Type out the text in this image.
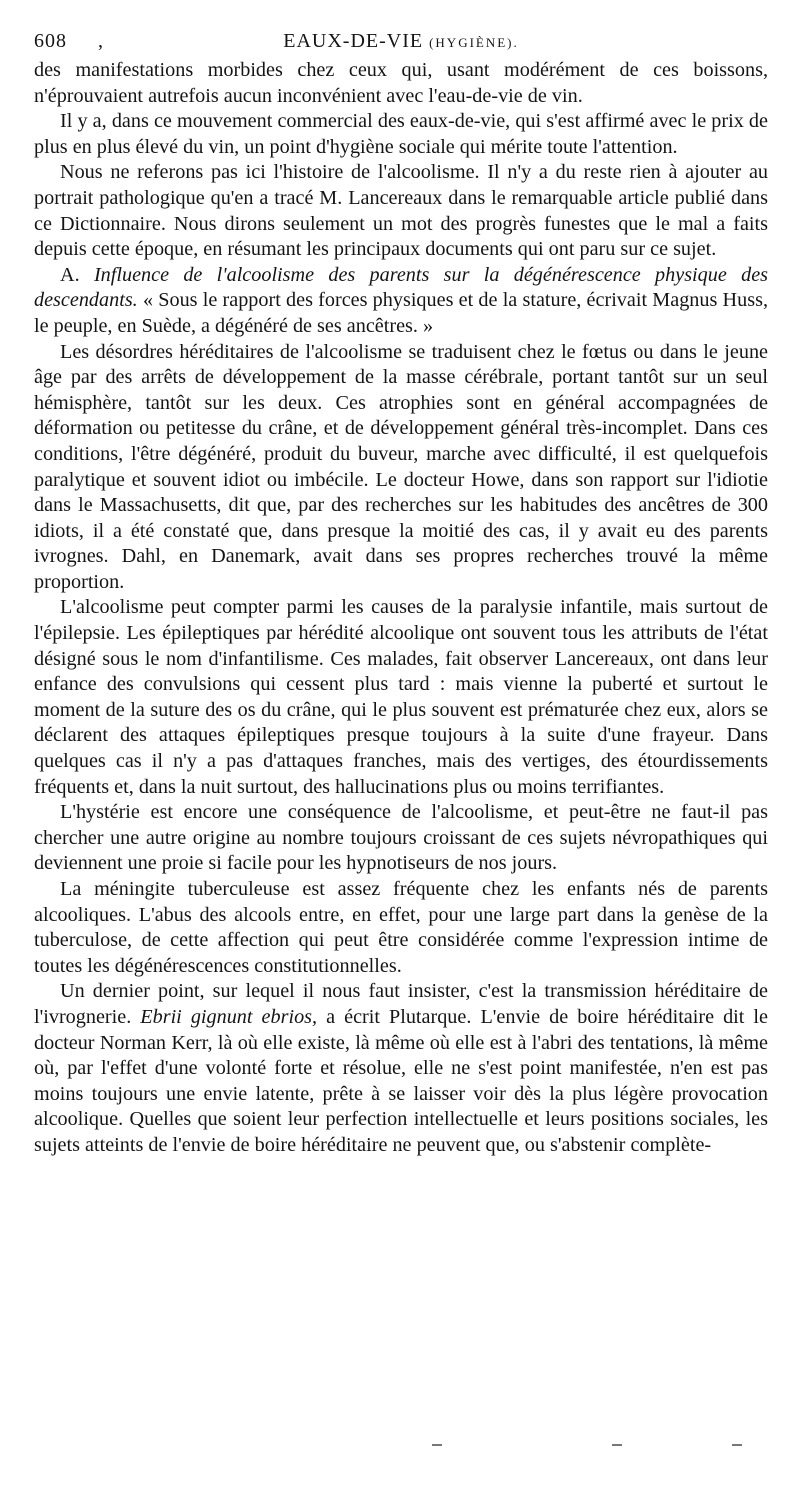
608 ,	EAUX-DE-VIE (HYGIÈNE).

des manifestations morbides chez ceux qui, usant modérément de ces boissons, n'éprouvaient autrefois aucun inconvénient avec l'eau-de-vie de vin.

Il y a, dans ce mouvement commercial des eaux-de-vie, qui s'est affirmé avec le prix de plus en plus élevé du vin, un point d'hygiène sociale qui mérite toute l'attention.

Nous ne referons pas ici l'histoire de l'alcoolisme. Il n'y a du reste rien à ajouter au portrait pathologique qu'en a tracé M. Lancereaux dans le remarquable article publié dans ce Dictionnaire. Nous dirons seulement un mot des progrès funestes que le mal a faits depuis cette époque, en résumant les principaux documents qui ont paru sur ce sujet.

A. Influence de l'alcoolisme des parents sur la dégénérescence physique des descendants. « Sous le rapport des forces physiques et de la stature, écrivait Magnus Huss, le peuple, en Suède, a dégénéré de ses ancêtres. »

Les désordres héréditaires de l'alcoolisme se traduisent chez le fœtus ou dans le jeune âge par des arrêts de développement de la masse cérébrale, portant tantôt sur un seul hémisphère, tantôt sur les deux. Ces atrophies sont en général accompagnées de déformation ou petitesse du crâne, et de développement général très-incomplet. Dans ces conditions, l'être dégénéré, produit du buveur, marche avec difficulté, il est quelquefois paralytique et souvent idiot ou imbécile. Le docteur Howe, dans son rapport sur l'idiotie dans le Massachusetts, dit que, par des recherches sur les habitudes des ancêtres de 300 idiots, il a été constaté que, dans presque la moitié des cas, il y avait eu des parents ivrognes. Dahl, en Danemark, avait dans ses propres recherches trouvé la même proportion.

L'alcoolisme peut compter parmi les causes de la paralysie infantile, mais surtout de l'épilepsie. Les épileptiques par hérédité alcoolique ont souvent tous les attributs de l'état désigné sous le nom d'infantilisme. Ces malades, fait observer Lancereaux, ont dans leur enfance des convulsions qui cessent plus tard : mais vienne la puberté et surtout le moment de la suture des os du crâne, qui le plus souvent est prématurée chez eux, alors se déclarent des attaques épileptiques presque toujours à la suite d'une frayeur. Dans quelques cas il n'y a pas d'attaques franches, mais des vertiges, des étourdissements fréquents et, dans la nuit surtout, des hallucinations plus ou moins terrifiantes.

L'hystérie est encore une conséquence de l'alcoolisme, et peut-être ne faut-il pas chercher une autre origine au nombre toujours croissant de ces sujets névropathiques qui deviennent une proie si facile pour les hypnotiseurs de nos jours.

La méningite tuberculeuse est assez fréquente chez les enfants nés de parents alcooliques. L'abus des alcools entre, en effet, pour une large part dans la genèse de la tuberculose, de cette affection qui peut être considérée comme l'expression intime de toutes les dégénérescences constitutionnelles.

Un dernier point, sur lequel il nous faut insister, c'est la transmission héréditaire de l'ivrognerie. Ebrii gignunt ebrios, a écrit Plutarque. L'envie de boire héréditaire dit le docteur Norman Kerr, là où elle existe, là même où elle est à l'abri des tentations, là même où, par l'effet d'une volonté forte et résolue, elle ne s'est point manifestée, n'en est pas moins toujours une envie latente, prête à se laisser voir dès la plus légère provocation alcoolique. Quelles que soient leur perfection intellectuelle et leurs positions sociales, les sujets atteints de l'envie de boire héréditaire ne peuvent que, ou s'abstenir complète-
